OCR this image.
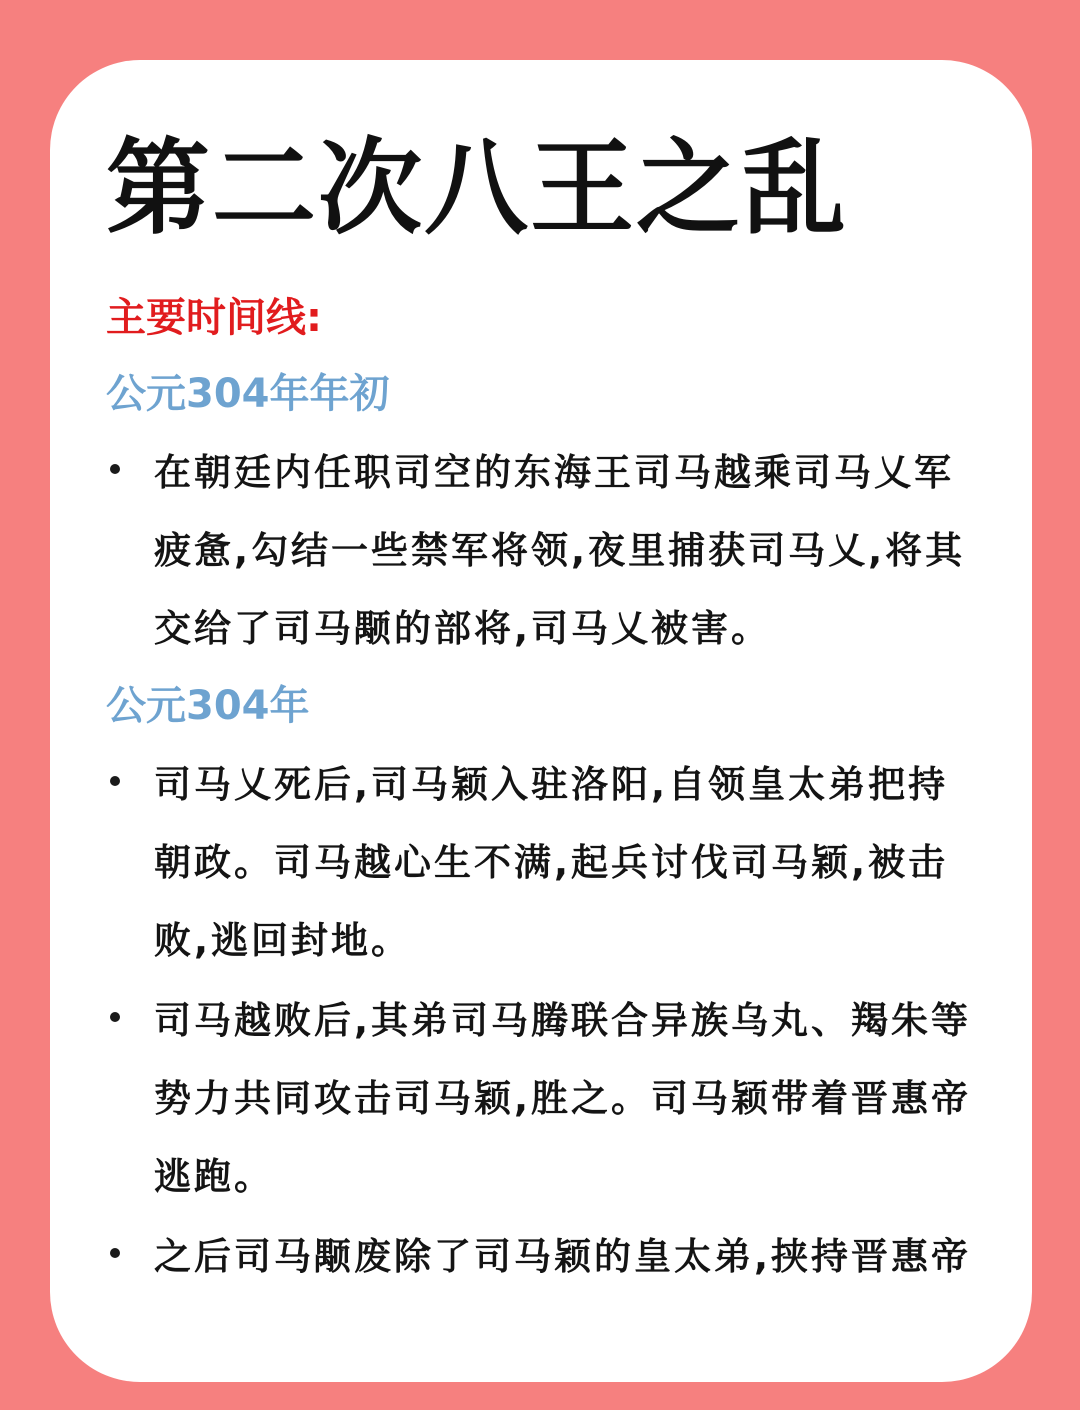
第二次八王之乱
主要时间线:
公元304年年初
在朝廷内任职司空的东海王司马越乘司马乂军疲惫,勾结一些禁军将领,夜里捕获司马乂,将其交给了司马颙的部将,司马乂被害。
公元304年
司马乂死后,司马颖入驻洛阳,自领皇太弟把持朝政。司马越心生不满,起兵讨伐司马颖,被击败,逃回封地。
司马越败后,其弟司马腾联合异族乌丸、羯朱等势力共同攻击司马颖,胜之。司马颖带着晋惠帝逃跑。
之后司马颙废除了司马颖的皇太弟,挟持晋惠帝
